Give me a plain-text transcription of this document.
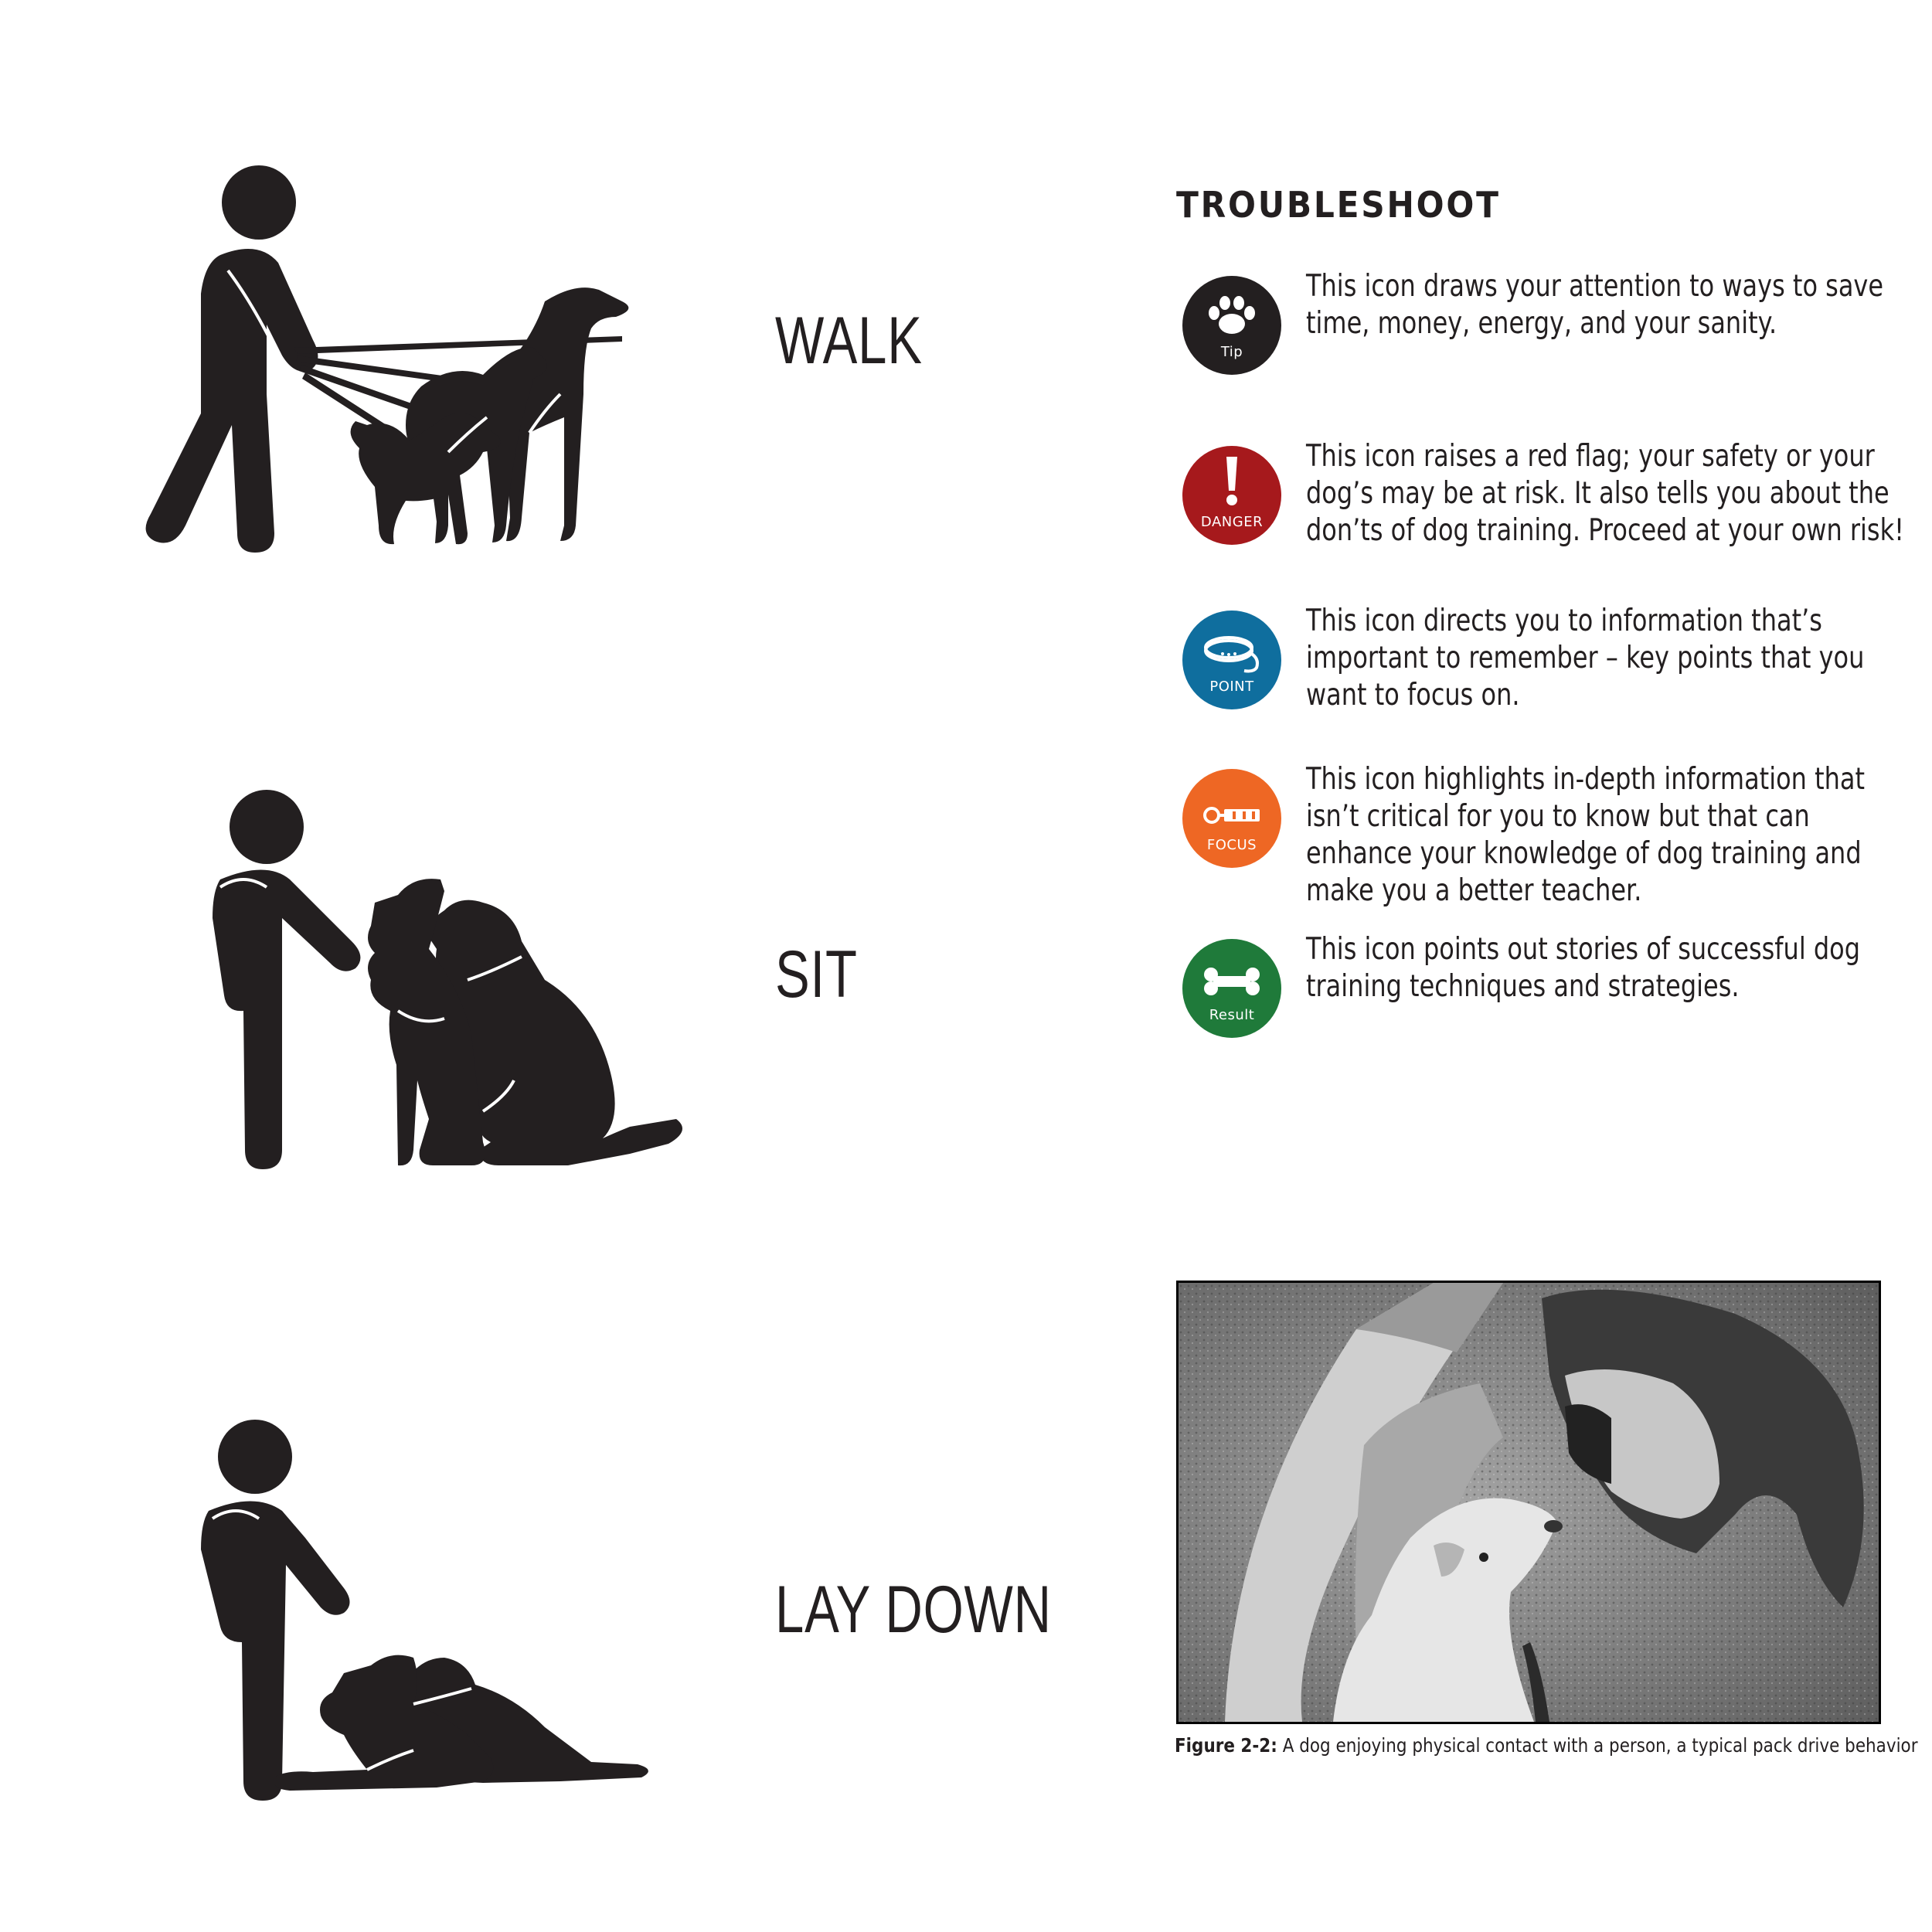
WALK
SIT
LAY DOWN
TROUBLESHOOT
Tip
This icon draws your attention to ways to save time, money, energy, and your sanity.
DANGER
This icon raises a red flag; your safety or your dog’s may be at risk. It also tells you about the don’ts of dog training. Proceed at your own risk!
POINT
This icon directs you to information that’s important to remember – key points that you want to focus on.
FOCUS
This icon highlights in-depth information that isn’t critical for you to know but that can enhance your knowledge of dog training and make you a better teacher.
Result
This icon points out stories of successful dog training techniques and strategies.
Figure 2-2: A dog enjoying physical contact with a person, a typical pack drive behavior
